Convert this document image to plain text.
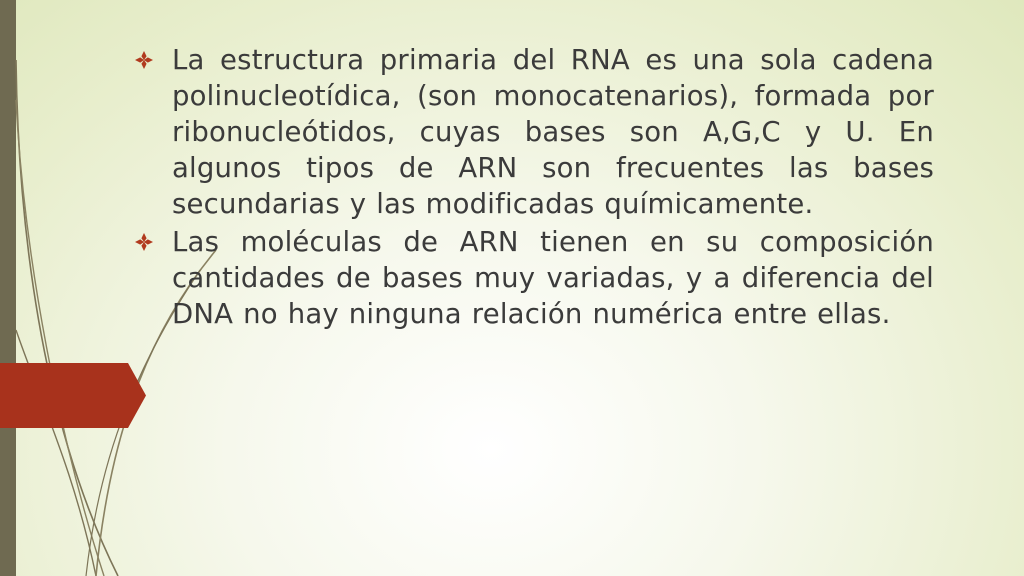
La estructura primaria del RNA es una sola cadena polinucleotídica, (son monocatenarios), formada por ribonucleótidos, cuyas bases son A,G,C y U. En algunos tipos de ARN son frecuentes las bases secundarias y las modificadas químicamente.
Las moléculas de ARN tienen en su composición cantidades de bases muy variadas, y a diferencia del DNA no hay ninguna relación numérica entre ellas.
